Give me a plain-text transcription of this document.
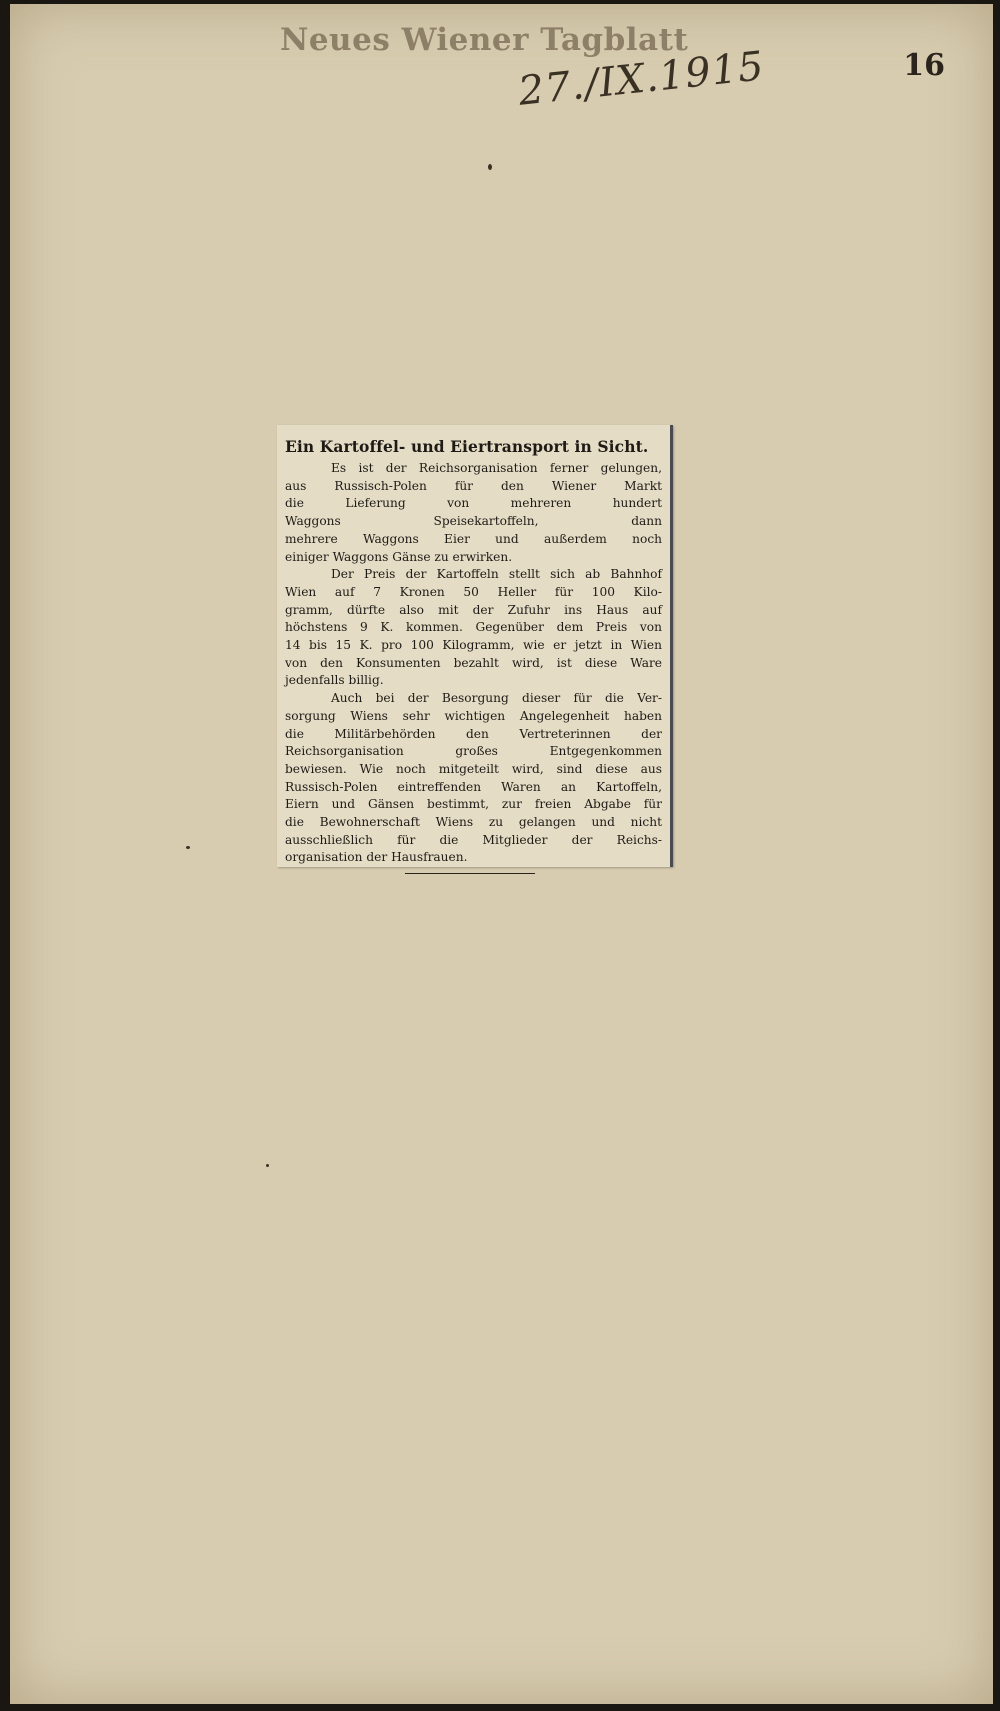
Neues Wiener Tagblatt
27./IX.1915	16
Ein Kartoffel- und Eiertransport in Sicht.
Es ist der Reichsorganisation ferner gelungen,
aus Russisch-Polen für den Wiener Markt
die Lieferung von mehreren hundert
Waggons Speisekartoffeln, dann
mehrere Waggons Eier und außerdem noch
einiger Waggons Gänse zu erwirken.
Der Preis der Kartoffeln stellt sich ab Bahnhof
Wien auf 7 Kronen 50 Heller für 100 Kilo-
gramm, dürfte also mit der Zufuhr ins Haus auf
höchstens 9 K. kommen. Gegenüber dem Preis von
14 bis 15 K. pro 100 Kilogramm, wie er jetzt in Wien
von den Konsumenten bezahlt wird, ist diese Ware
jedenfalls billig.
Auch bei der Besorgung dieser für die Ver-
sorgung Wiens sehr wichtigen Angelegenheit haben
die Militärbehörden den Vertreterinnen der
Reichsorganisation großes Entgegenkommen
bewiesen. Wie noch mitgeteilt wird, sind diese aus
Russisch-Polen eintreffenden Waren an Kartoffeln,
Eiern und Gänsen bestimmt, zur freien Abgabe für
die Bewohnerschaft Wiens zu gelangen und nicht
ausschließlich für die Mitglieder der Reichs-
organisation der Hausfrauen.
